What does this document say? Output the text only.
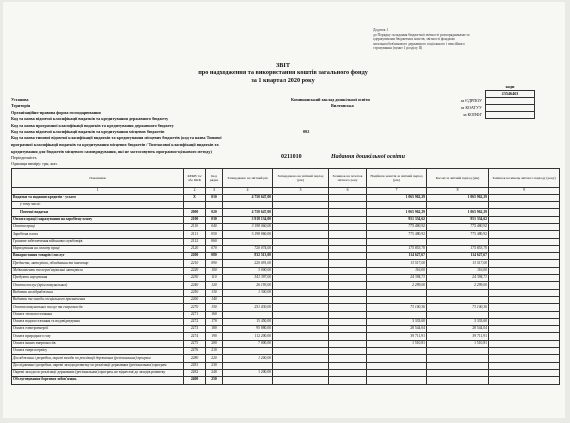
Додаток 1
до Порядку складання бюджетної звітності розпорядниками та
одержувачами бюджетних коштів, звітності фондами
загальнообов'язкового державного соціального і пенсійного
страхування (пункт 1 розділу II)
ЗВІТ
про надходження та використання коштів загального фонду
за 1 квартал 2020 року
	коди
	23546463
за ЄДРПОУ	
за КОАТУУ	
за КОПФГ	
Установа	Комишанський заклад дошкільної освіти
Територія	Вилтянська
Організаційно-правова форма господарювання
Код та назва відомчої класифікації видатків та кредитування державного бюджету
Код та назва програмної класифікації видатків та кредитування державного бюджету
Код та назва відомчої класифікації видатків та кредитування місцевих бюджетів	002
Код та назва типової відомчої класифікації видатків та кредитування місцевих бюджетів (код та назва Типової
програмної класифікації видатків та кредитування місцевих бюджетів / Тимчасової класифікації видатків та
кредитування для бюджетів місцевого самоврядування, які не застосовують програмно-цільового методу)
Періодичність
Одиниця виміру: грн, коп.
0211010	Надання дошкільної освіти
Показники	КЕКВ та/або ККК	Код рядка	Затверджено на звітний рік	Затверджено на звітний період (рік)	Залишок на початок звітного року	Надійшло коштів за звітний період (рік)	Касові за звітний період (рік)	Залишок на кінець звітного періоду (року)
1	2	3	4	5	6	7	8	9
Видатки та надання кредитів - усього	X	010	4 750 647,00			1 065 962,29	1 065 962,29	
у тому числі:								
Поточні видатки	2000	020	4 750 647,00			1 065 962,29	1 065 962,29	
Оплата праці і нарахування на заробітну плату	2100	030	3 918 134,00			951 334,62	951 334,62	
Оплата праці	2110	040	3 198 060,00			775 480,92	775 480,92	
Заробітна плата	2111	050	3 198 060,00			775 480,92	775 480,92	
Грошове забезпечення військовослужбовців	2112	060						
Нарахування на оплату праці	2120	070	720 074,00			175 853,70	175 853,70	
Використання товарів і послуг	2200	080	832 513,00			114 627,67	114 627,67	
Предмети, матеріали, обладнання та інвентар	2210	090	220 091,00			13 517,00	13 517,00	
Медикаменти та перев'язувальні матеріали	2220	100	3 000,00			116,00	116,00	
Продукти харчування	2230	110	341 397,00			24 394,71	24 394,71	
Оплата послуг (крім комунальних)	2240	120	26 193,00			2 299,00	2 299,00	
Видатки на відрядження	2250	130	1 300,00					
Видатки та заходи спеціального призначення	2260	140						
Оплата комунальних послуг та енергоносіїв	2270	150	251 430,00			73 100,36	73 100,36	
Оплата теплопостачання	2271	160						
Оплата водопостачання та водовідведення	2272	170	15 450,00			3 333,60	3 333,60	
Оплата електроенергії	2273	180	95 880,00			28 544,04	28 544,04	
Оплата природного газу	2274	190	112 200,00			39 711,91	39 711,91	
Оплата інших енергоносіїв	2275	200	7 000,00			1 510,81	1 510,81	
Оплата енергосервісу	2276	210						
Дослідження і розробки, окремі заходи по реалізації державних (регіональних) програм	2280	220	1 200,00					
Дослідження і розробки, окремі заходи розвитку по реалізації державних (регіональних) програм	2281	230						
Окремі заходи по реалізації державних (регіональних) програм, не віднесені до заходів розвитку	2282	240	1 200,00					
Обслуговування боргових зобов'язань	2400	250						
